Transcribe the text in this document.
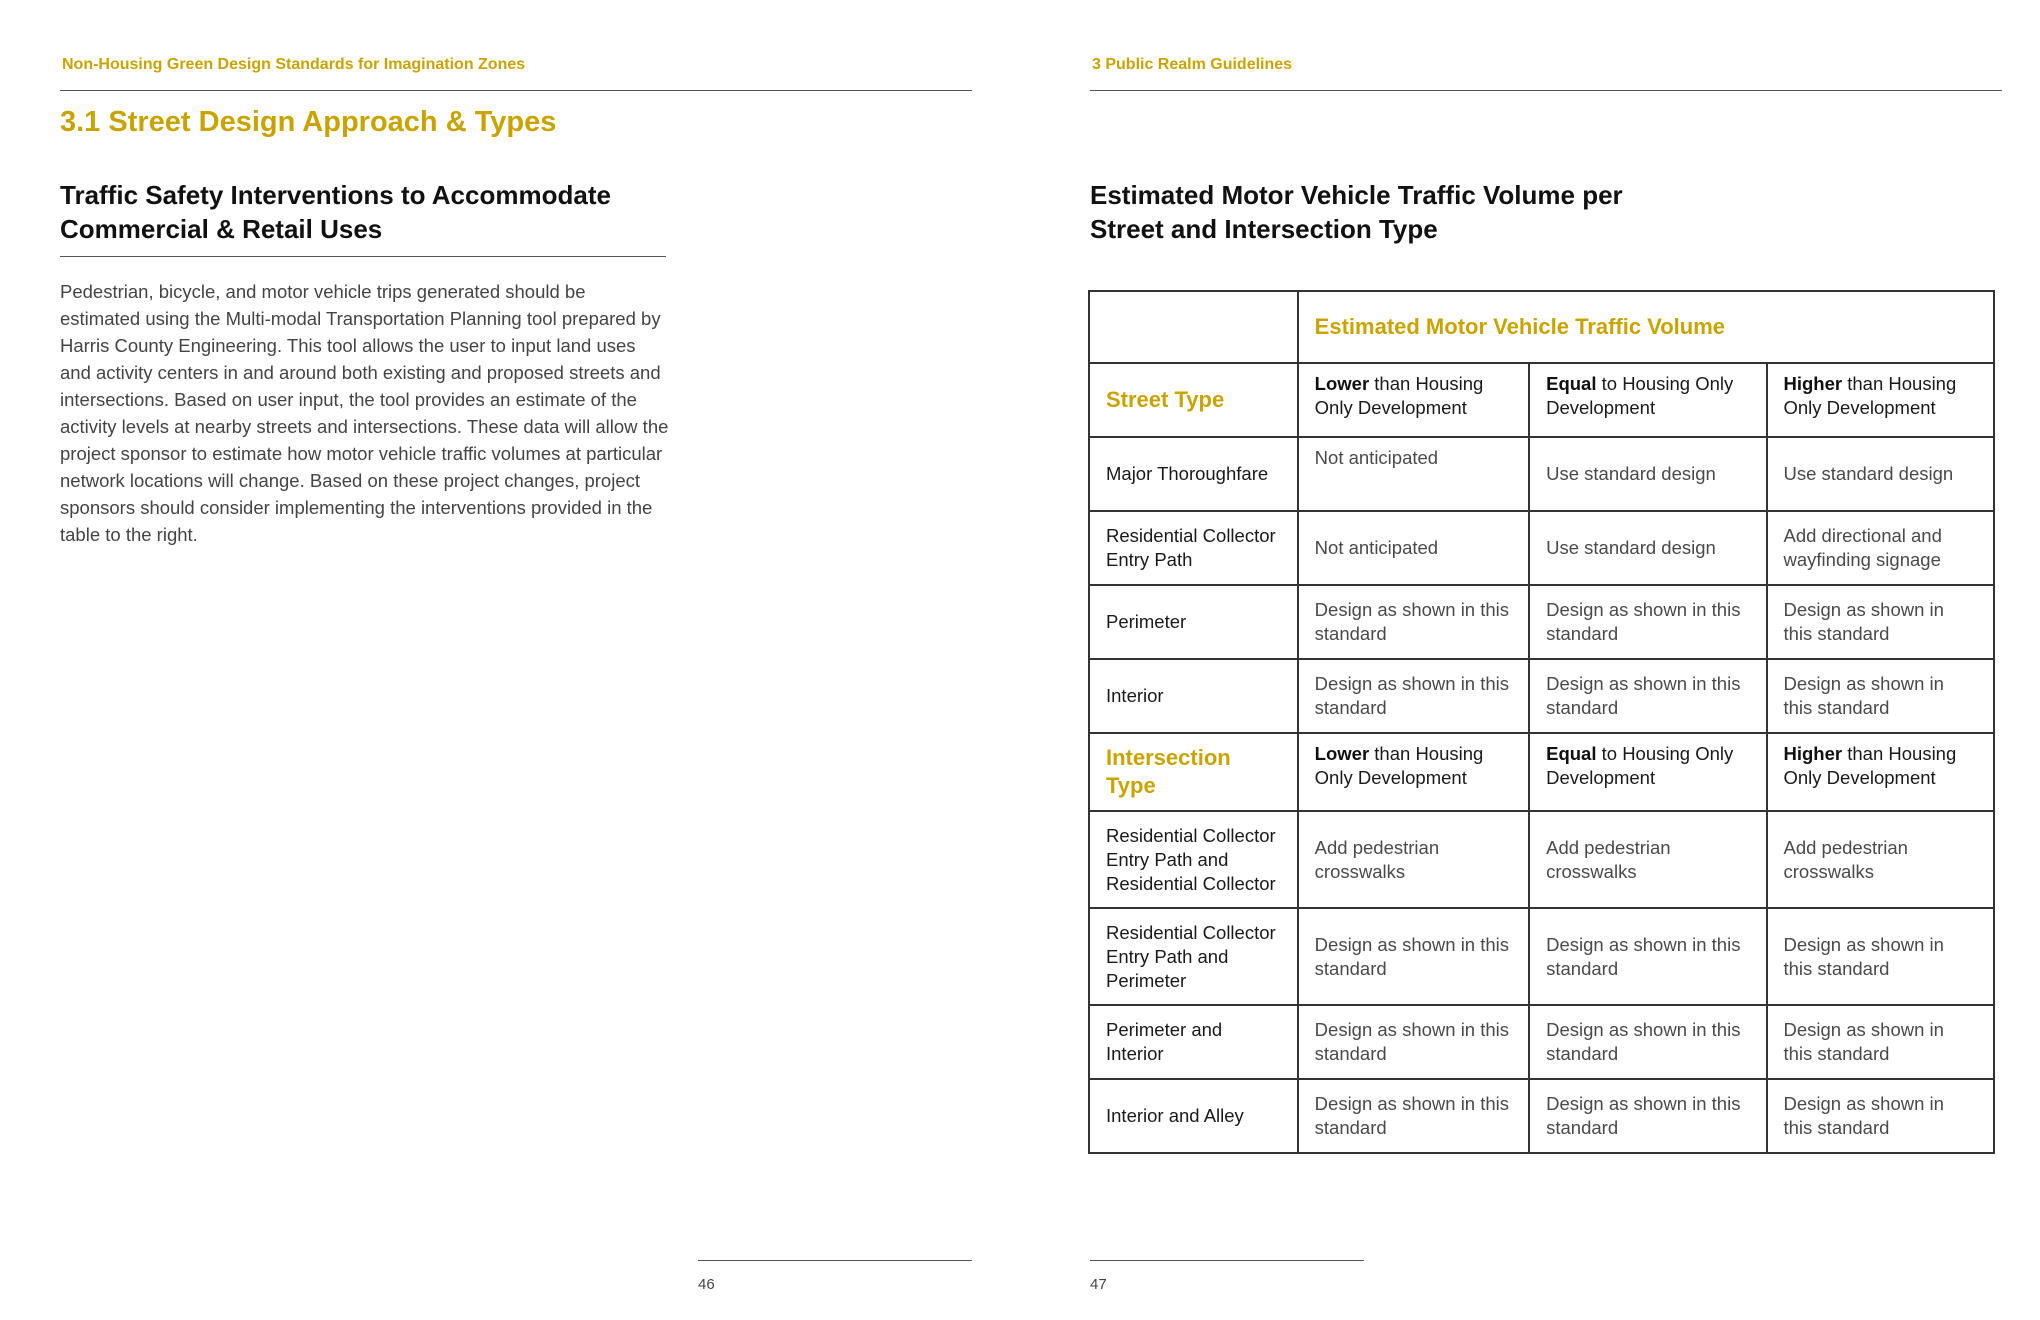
Non-Housing Green Design Standards for Imagination Zones
3.1 Street Design Approach & Types
Traffic Safety Interventions to Accommodate
Commercial & Retail Uses

Pedestrian, bicycle, and motor vehicle trips generated should be estimated using the Multi-modal Transportation Planning tool prepared by Harris County Engineering. This tool allows the user to input land uses and activity centers in and around both existing and proposed streets and intersections. Based on user input, the tool provides an estimate of the activity levels at nearby streets and intersections. These data will allow the project sponsor to estimate how motor vehicle traffic volumes at particular network locations will change. Based on these project changes, project sponsors should consider implementing the interventions provided in the table to the right.

46
3 Public Realm Guidelines
Estimated Motor Vehicle Traffic Volume per
Street and Intersection Type
	Estimated Motor Vehicle Traffic Volume		
Street Type	Lower than Housing Only Development	Equal to Housing Only Development	Higher than Housing Only Development
Major Thoroughfare	Not anticipated	Use standard design	Use standard design
Residential Collector Entry Path	Not anticipated	Use standard design	Add directional and wayfinding signage
Perimeter	Design as shown in this standard	Design as shown in this standard	Design as shown in this standard
Interior	Design as shown in this standard	Design as shown in this standard	Design as shown in this standard

Intersection
Type	Lower than Housing Only Development	Equal to Housing Only Development	Higher than Housing Only Development
Residential Collector Entry Path and Residential Collector	Add pedestrian crosswalks	Add pedestrian crosswalks	Add pedestrian crosswalks
Residential Collector Entry Path and Perimeter	Design as shown in this standard	Design as shown in this standard	Design as shown in this standard
Perimeter and Interior	Design as shown in this standard	Design as shown in this standard	Design as shown in this standard
Interior and Alley	Design as shown in this standard	Design as shown in this standard	Design as shown in this standard
47
